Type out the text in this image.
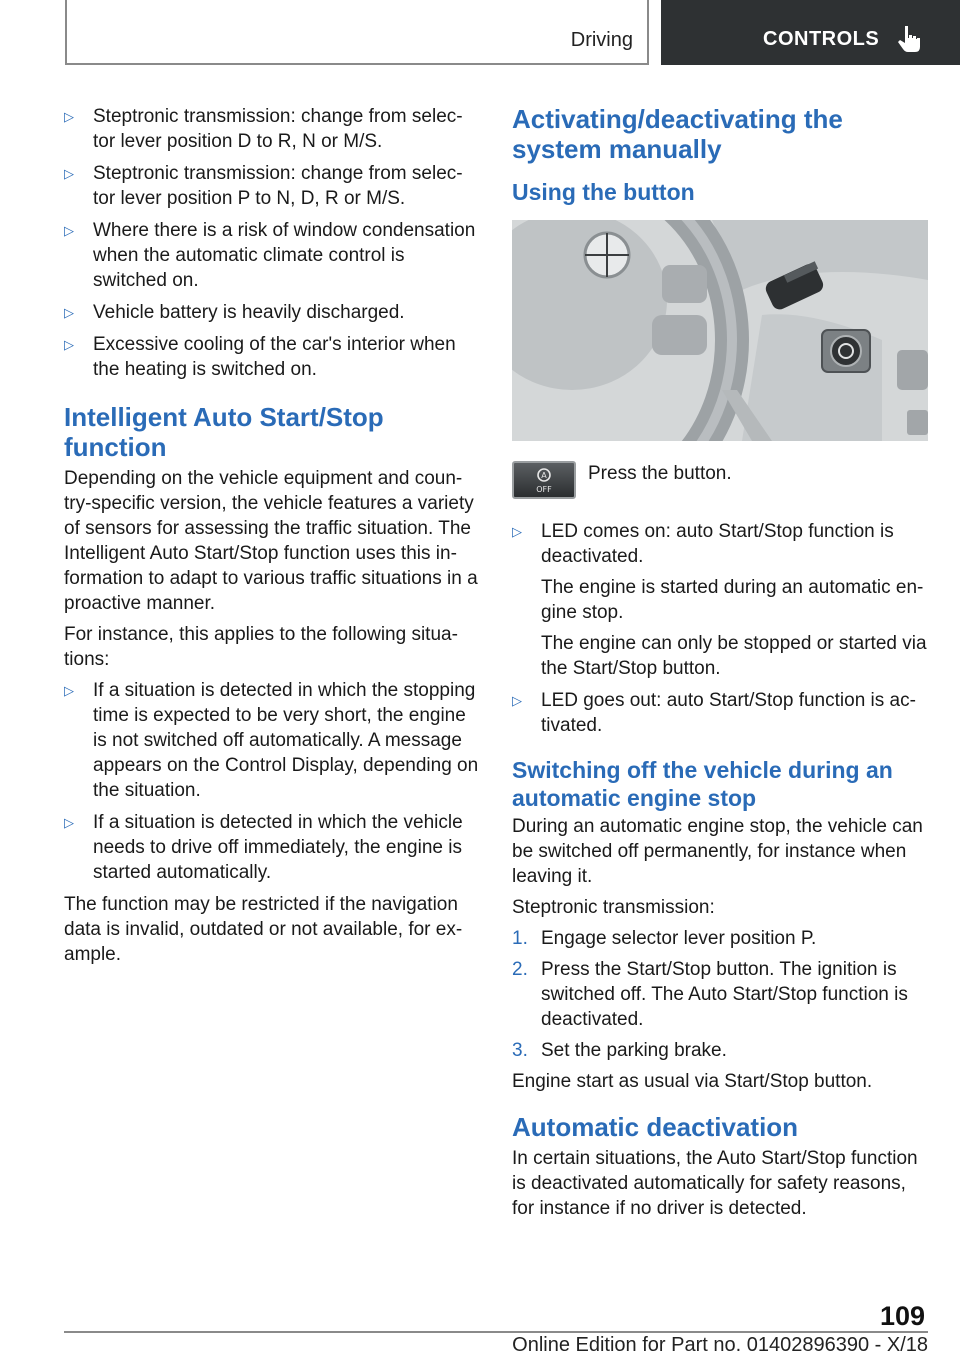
Driving	CONTROLS
▷	Steptronic transmission: change from selec- tor lever position D to R, N or M/S.
▷	Steptronic transmission: change from selec- tor lever position P to N, D, R or M/S.
▷	Where there is a risk of window condensation when the automatic climate control is switched on.
▷	Vehicle battery is heavily discharged.
▷	Excessive cooling of the car's interior when the heating is switched on.
Intelligent Auto Start/Stop function

Depending on the vehicle equipment and coun- try-specific version, the vehicle features a variety of sensors for assessing the traffic situation. The Intelligent Auto Start/Stop function uses this in- formation to adapt to various traffic situations in a proactive manner.

For instance, this applies to the following situa- tions:

▷	If a situation is detected in which the stopping time is expected to be very short, the engine is not switched off automatically. A message appears on the Control Display, depending on the situation.
▷	If a situation is detected in which the vehicle needs to drive off immediately, the engine is started automatically.

The function may be restricted if the navigation data is invalid, outdated or not available, for ex- ample.

Activating/deactivating the system manually
Using the button
A
OFF
Press the button.
▷	LED comes on: auto Start/Stop function is deactivated.
The engine is started during an automatic en- gine stop.
The engine can only be stopped or started via the Start/Stop button.
▷	LED goes out: auto Start/Stop function is ac- tivated.
Switching off the vehicle during an automatic engine stop

During an automatic engine stop, the vehicle can be switched off permanently, for instance when leaving it.

Steptronic transmission:

1. Engage selector lever position P.
2. Press the Start/Stop button. The ignition is switched off. The Auto Start/Stop function is deactivated.
3. Set the parking brake.

Engine start as usual via Start/Stop button.

Automatic deactivation

In certain situations, the Auto Start/Stop function is deactivated automatically for safety reasons, for instance if no driver is detected.

109
Online Edition for Part no. 01402896390 - X/18
